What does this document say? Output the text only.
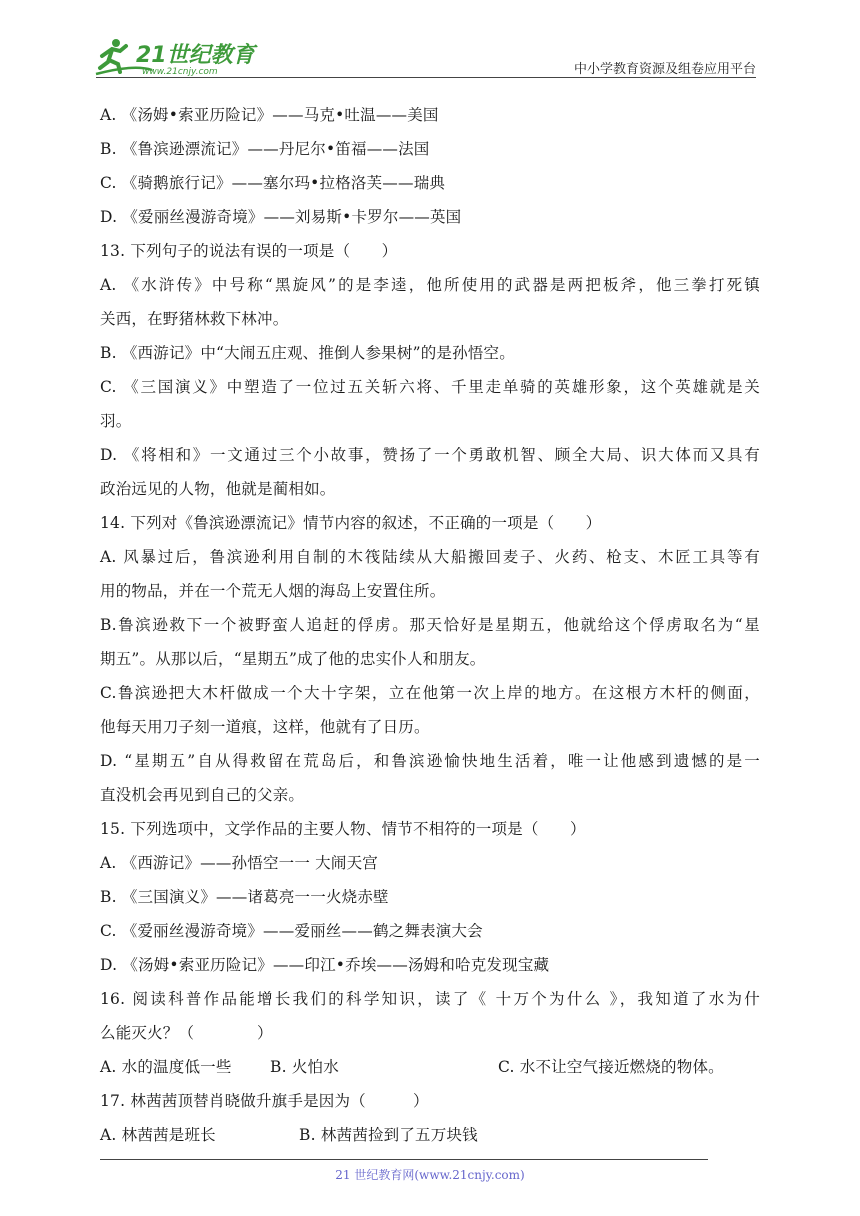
21世纪教育
www.21cnjy.com	中小学教育资源及组卷应用平台
A. 《汤姆•索亚历险记》——马克•吐温——美国
B. 《鲁滨逊漂流记》——丹尼尔•笛福——法国
C. 《骑鹅旅行记》——塞尔玛•拉格洛芙——瑞典
D. 《爱丽丝漫游奇境》——刘易斯•卡罗尔——英国
13. 下列句子的说法有误的一项是（　　）
A. 《水浒传》中号称“黑旋风”的是李逵，他所使用的武器是两把板斧，他三拳打死镇
关西，在野猪林救下林冲。
B. 《西游记》中“大闹五庄观、推倒人参果树”的是孙悟空。
C. 《三国演义》中塑造了一位过五关斩六将、千里走单骑的英雄形象，这个英雄就是关
羽。
D. 《将相和》一文通过三个小故事，赞扬了一个勇敢机智、顾全大局、识大体而又具有
政治远见的人物，他就是蔺相如。
14. 下列对《鲁滨逊漂流记》情节内容的叙述，不正确的一项是（　　）
A. 风暴过后，鲁滨逊利用自制的木筏陆续从大船搬回麦子、火药、枪支、木匠工具等有
用的物品，并在一个荒无人烟的海岛上安置住所。
B.鲁滨逊救下一个被野蛮人追赶的俘虏。那天恰好是星期五，他就给这个俘虏取名为“星
期五”。从那以后，“星期五”成了他的忠实仆人和朋友。
C.鲁滨逊把大木杆做成一个大十字架，立在他第一次上岸的地方。在这根方木杆的侧面，
他每天用刀子刻一道痕，这样，他就有了日历。
D. “星期五”自从得救留在荒岛后，和鲁滨逊愉快地生活着，唯一让他感到遗憾的是一
直没机会再见到自己的父亲。
15. 下列选项中，文学作品的主要人物、情节不相符的一项是（　　）
A. 《西游记》——孙悟空一一 大闹天宫
B. 《三国演义》——诸葛亮一一火烧赤壁
C. 《爱丽丝漫游奇境》——爱丽丝——鹤之舞表演大会
D. 《汤姆•索亚历险记》——印江•乔埃——汤姆和哈克发现宝藏
16. 阅读科普作品能增长我们的科学知识，读了《 十万个为什么 》，我知道了水为什
么能灭火？（　　　　）
A. 水的温度低一些	B. 火怕水	C. 水不让空气接近燃烧的物体。
17. 林茜茜顶替肖晓做升旗手是因为（　　　）
A. 林茜茜是班长	B. 林茜茜捡到了五万块钱
21 世纪教育网(www.21cnjy.com)
